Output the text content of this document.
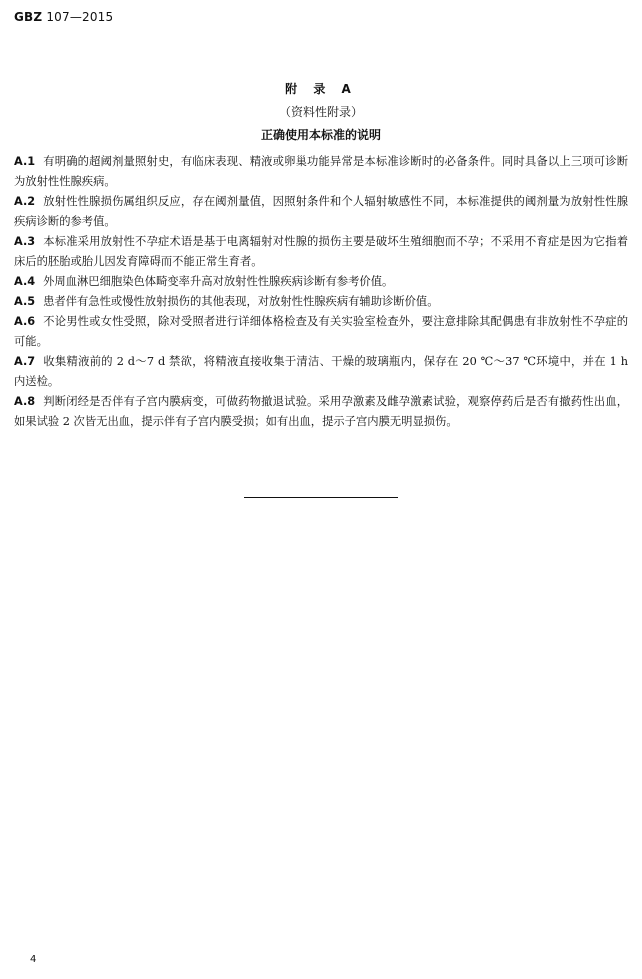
GBZ 107—2015
附 录 A
（资料性附录）
正确使用本标准的说明

A.1 有明确的超阈剂量照射史，有临床表现、精液或卵巢功能异常是本标准诊断时的必备条件。同时具备以上三项可诊断为放射性性腺疾病。

A.2 放射性性腺损伤属组织反应，存在阈剂量值，因照射条件和个人辐射敏感性不同，本标准提供的阈剂量为放射性性腺疾病诊断的参考值。

A.3 本标准采用放射性不孕症术语是基于电离辐射对性腺的损伤主要是破坏生殖细胞而不孕；不采用不育症是因为它指着床后的胚胎或胎儿因发育障碍而不能正常生育者。

A.4 外周血淋巴细胞染色体畸变率升高对放射性性腺疾病诊断有参考价值。

A.5 患者伴有急性或慢性放射损伤的其他表现，对放射性性腺疾病有辅助诊断价值。

A.6 不论男性或女性受照，除对受照者进行详细体格检查及有关实验室检查外，要注意排除其配偶患有非放射性不孕症的可能。

A.7 收集精液前的 2 d～7 d 禁欲，将精液直接收集于清洁、干燥的玻璃瓶内，保存在 20 ℃～37 ℃环境中，并在 1 h 内送检。

A.8 判断闭经是否伴有子宫内膜病变，可做药物撤退试验。采用孕激素及雌孕激素试验，观察停药后是否有撤药性出血，如果试验 2 次皆无出血，提示伴有子宫内膜受损；如有出血，提示子宫内膜无明显损伤。

4
